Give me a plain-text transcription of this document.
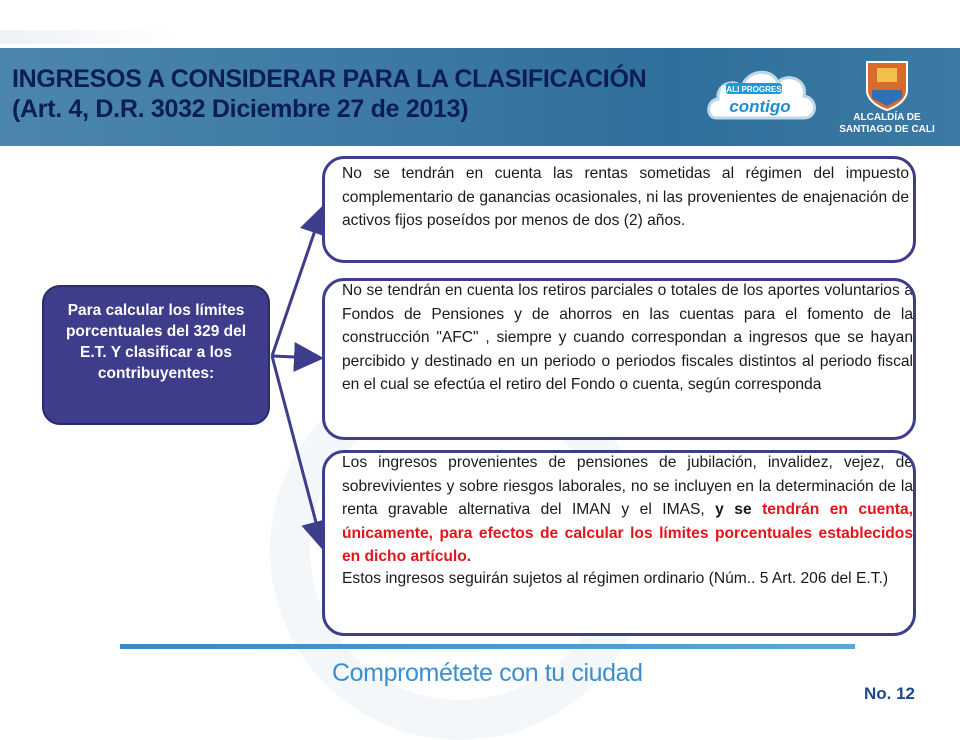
INGRESOS A CONSIDERAR PARA LA CLASIFICACIÓN
(Art. 4, D.R. 3032 Diciembre 27 de 2013)
CALI PROGRESA
contigo
ALCALDÍA DE
SANTIAGO DE CALI
Para calcular los límites porcentuales del 329 del E.T. Y clasificar a los contribuyentes:

No se tendrán en cuenta las rentas sometidas al régimen del impuesto complementario de ganancias ocasionales, ni las provenientes de enajenación de activos fijos poseídos por menos de dos (2) años.

No se tendrán en cuenta los retiros parciales o totales de los aportes voluntarios a Fondos de Pensiones y de ahorros en las cuentas para el fomento de la construcción "AFC" , siempre y cuando correspondan a ingresos que se hayan percibido y destinado en un periodo o periodos fiscales distintos al periodo fiscal en el cual se efectúa el retiro del Fondo o cuenta, según corresponda

Los ingresos provenientes de pensiones de jubilación, invalidez, vejez, de sobrevivientes y sobre riesgos laborales, no se incluyen en la determinación de la renta gravable alternativa del IMAN y el IMAS, y se tendrán en cuenta, únicamente, para efectos de calcular los límites porcentuales establecidos en dicho artículo.

Estos ingresos seguirán sujetos al régimen ordinario (Núm.. 5 Art. 206 del E.T.)

Comprométete con tu ciudad
No. 12
